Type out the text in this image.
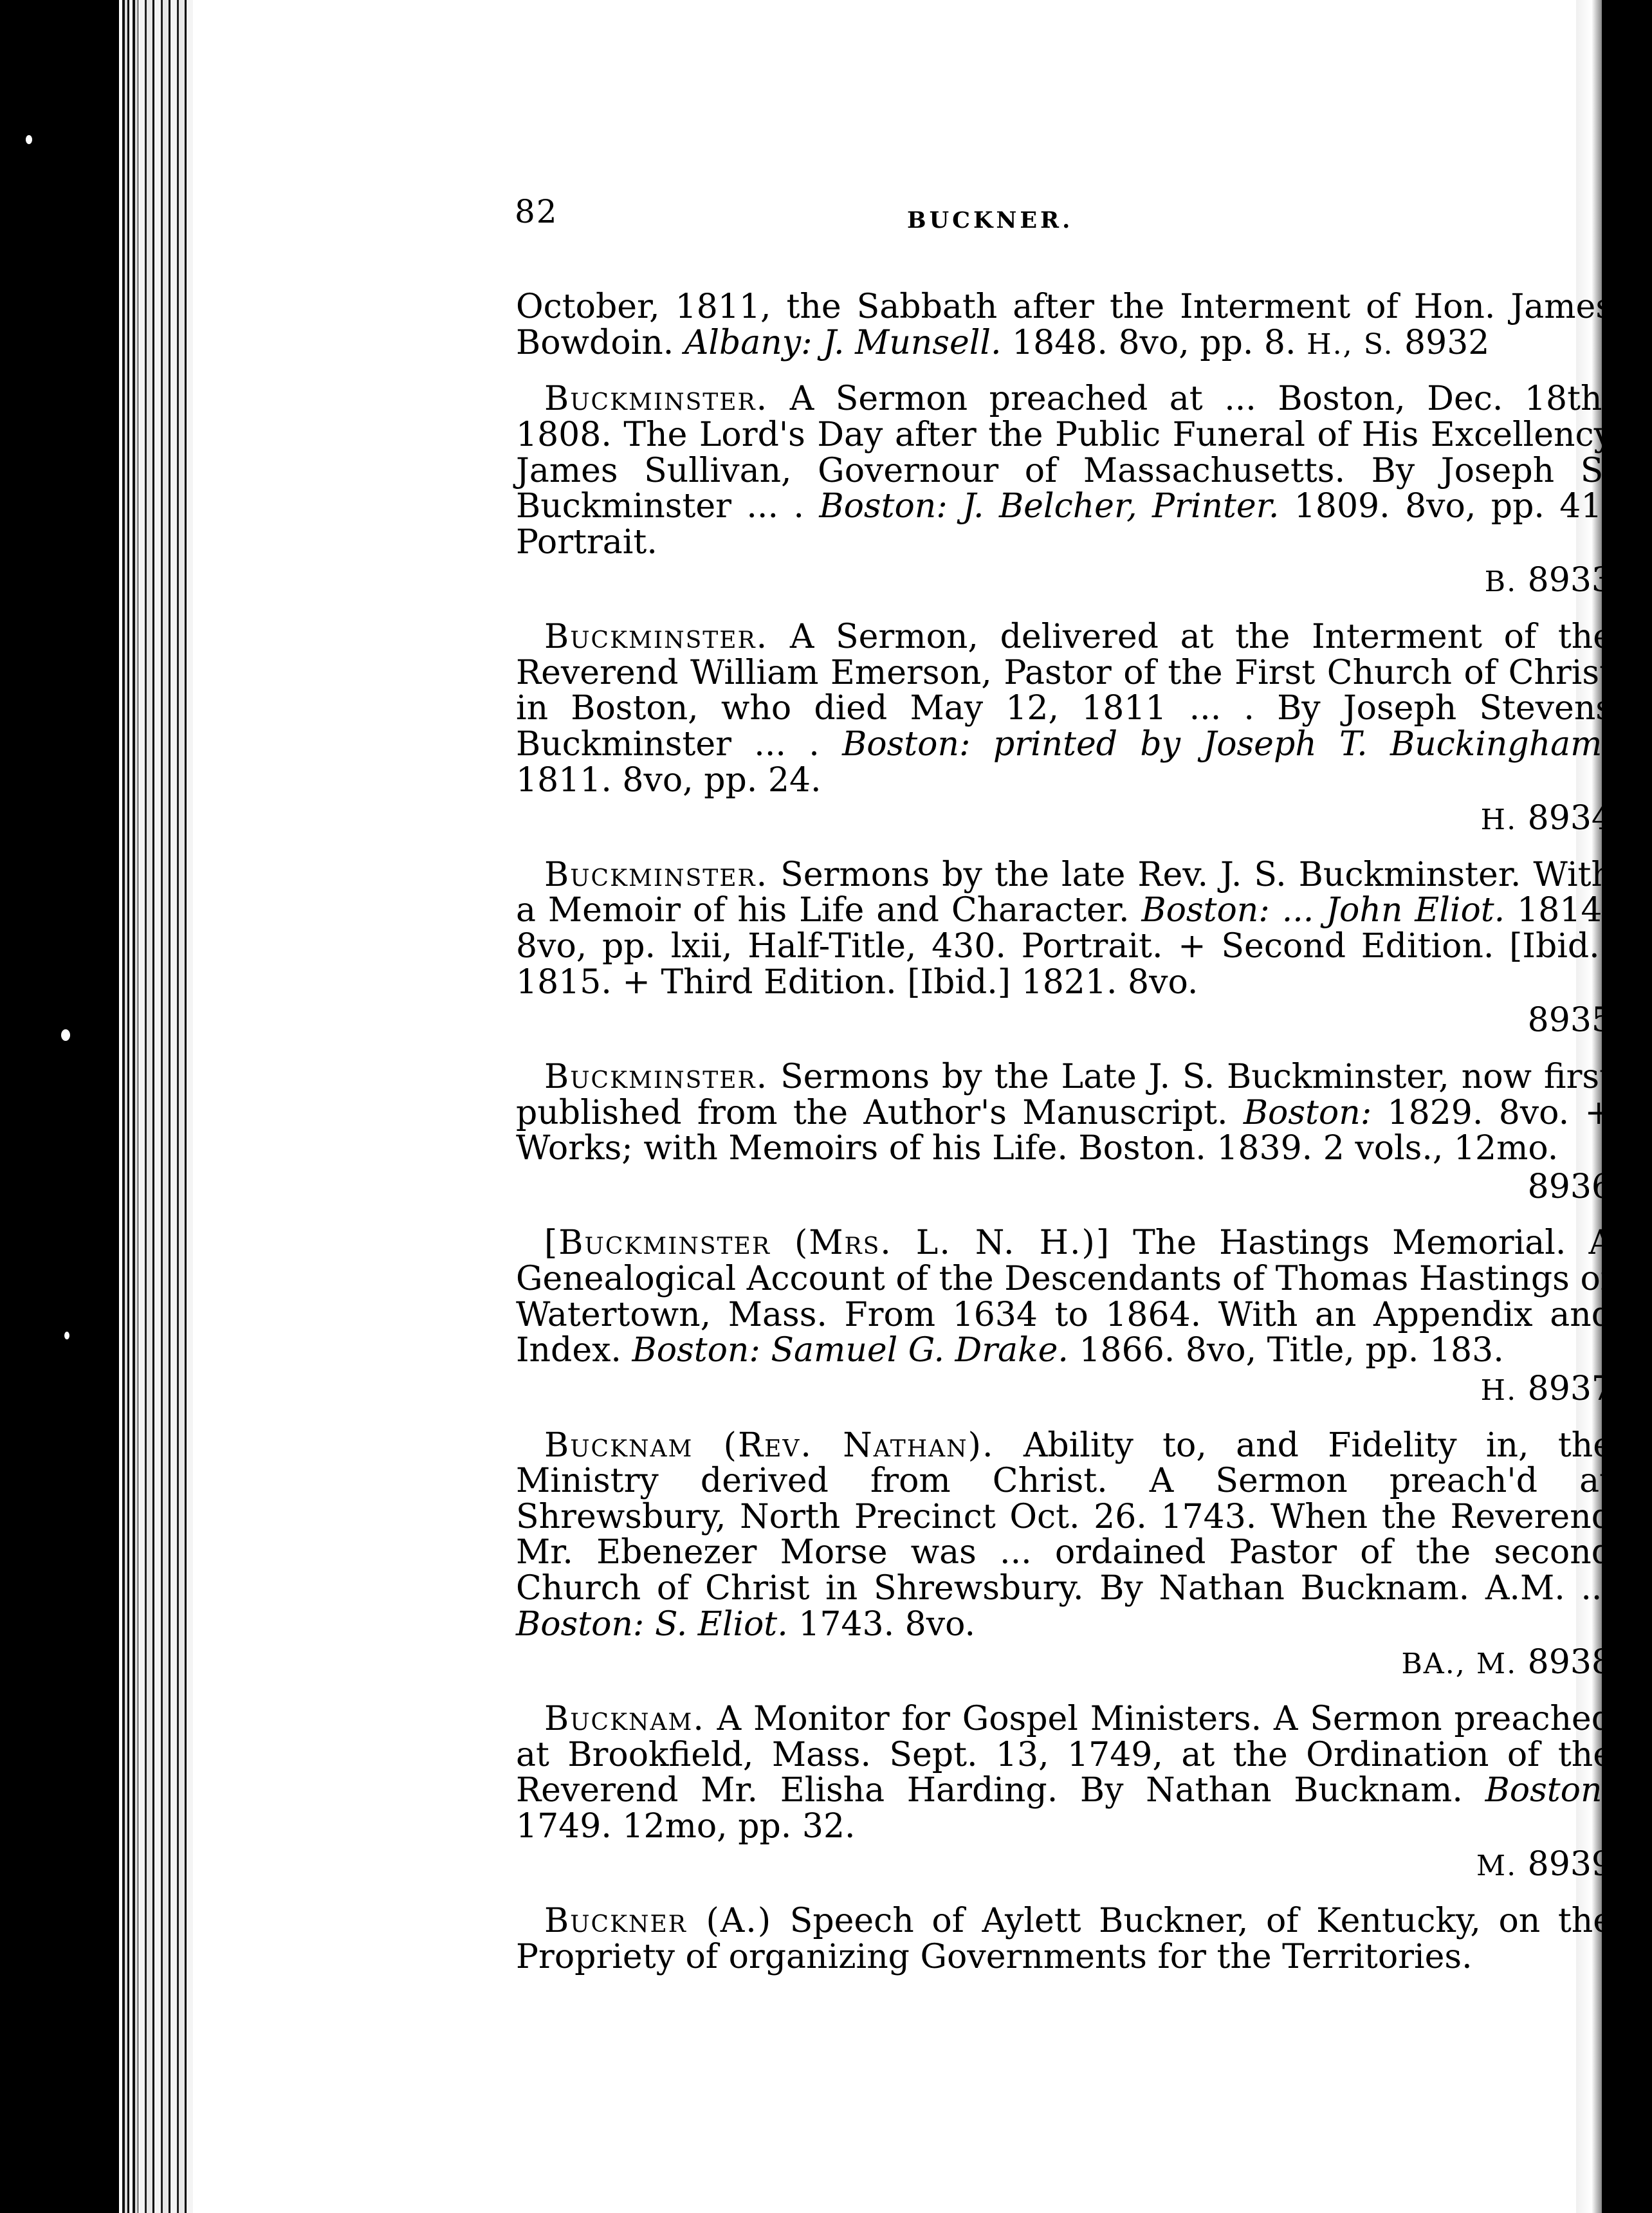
82	BUCKNER.
October, 1811, the Sabbath after the Interment of Hon. James Bowdoin. Albany: J. Munsell. 1848. 8vo, pp. 8. H., S. 8932
Buckminster. A Sermon preached at ... Boston, Dec. 18th, 1808. The Lord's Day after the Public Funeral of His Excellency James Sullivan, Governour of Massachusetts. By Joseph S. Buckminster ... . Boston: J. Belcher, Printer. 1809. 8vo, pp. 41. Portrait.
B. 8933
Buckminster. A Sermon, delivered at the Interment of the Reverend William Emerson, Pastor of the First Church of Christ in Boston, who died May 12, 1811 ... . By Joseph Stevens Buckminster ... . Boston: printed by Joseph T. Buckingham. 1811. 8vo, pp. 24.
H. 8934
Buckminster. Sermons by the late Rev. J. S. Buckminster. With a Memoir of his Life and Character. Boston: ... John Eliot. 1814. 8vo, pp. lxii, Half-Title, 430. Portrait. + Second Edition. [Ibid.] 1815. + Third Edition. [Ibid.] 1821. 8vo.
8935
Buckminster. Sermons by the Late J. S. Buckminster, now first published from the Author's Manuscript. Boston: 1829. 8vo. + Works; with Memoirs of his Life. Boston. 1839. 2 vols., 12mo.
8936
[Buckminster (Mrs. L. N. H.)] The Hastings Memorial. A Genealogical Account of the Descendants of Thomas Hastings of Watertown, Mass. From 1634 to 1864. With an Appendix and Index. Boston: Samuel G. Drake. 1866. 8vo, Title, pp. 183.
H. 8937
Bucknam (Rev. Nathan). Ability to, and Fidelity in, the Ministry derived from Christ. A Sermon preach'd at Shrewsbury, North Precinct Oct. 26. 1743. When the Reverend Mr. Ebenezer Morse was ... ordained Pastor of the second Church of Christ in Shrewsbury. By Nathan Bucknam. A.M. ... Boston: S. Eliot. 1743. 8vo.
BA., M. 8938
Bucknam. A Monitor for Gospel Ministers. A Sermon preached at Brookfield, Mass. Sept. 13, 1749, at the Ordination of the Reverend Mr. Elisha Harding. By Nathan Bucknam. Boston. 1749. 12mo, pp. 32.
M. 8939
Buckner (A.) Speech of Aylett Buckner, of Kentucky, on the Propriety of organizing Governments for the Territories.
